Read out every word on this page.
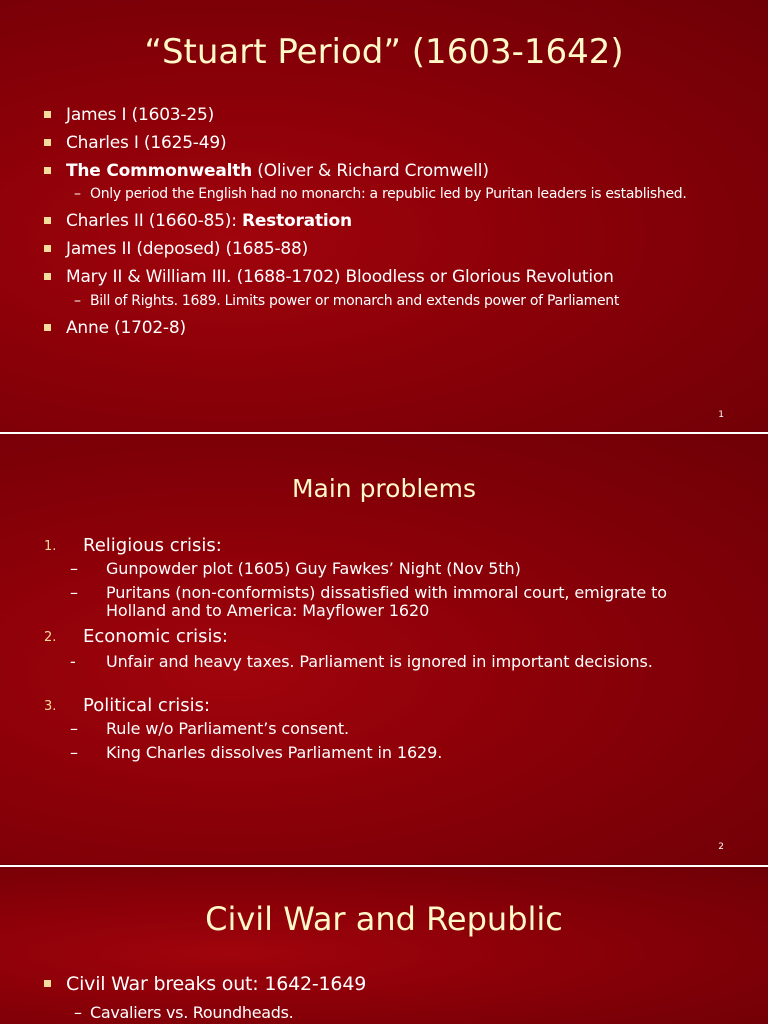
“Stuart Period” (1603-1642)
James I (1603-25)
Charles I (1625-49)
The Commonwealth (Oliver & Richard Cromwell)
– Only period the English had no monarch: a republic led by Puritan leaders is established.
Charles II (1660-85): Restoration
James II (deposed) (1685-88)
Mary II & William III. (1688-1702) Bloodless or Glorious Revolution
– Bill of Rights. 1689. Limits power or monarch and extends power of Parliament
Anne (1702-8)
1
Main problems
1. Religious crisis:
– Gunpowder plot (1605) Guy Fawkes’ Night (Nov 5th)
– Puritans (non-conformists) dissatisfied with immoral court, emigrate to
Holland and to America: Mayflower 1620
2. Economic crisis:
- Unfair and heavy taxes. Parliament is ignored in important decisions.
3. Political crisis:
– Rule w/o Parliament’s consent.
– King Charles dissolves Parliament in 1629.
2
Civil War and Republic
Civil War breaks out: 1642-1649
– Cavaliers vs. Roundheads.
